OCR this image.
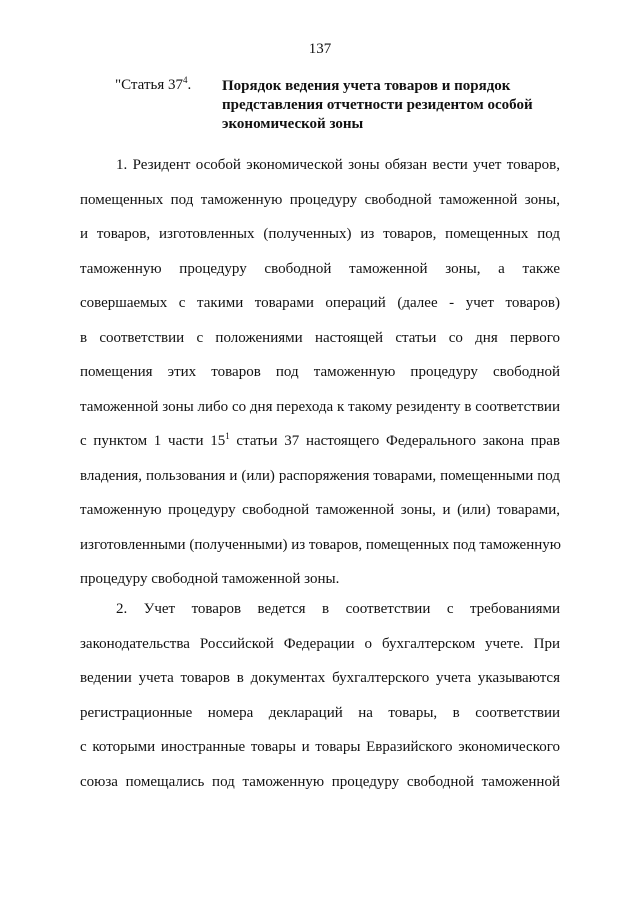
137
"Статья $37^4$. Порядок ведения учета товаров и порядок
представления отчетности резидентом особой
экономической зоны
1. Резидент особой экономической зоны обязан вести учет товаров,
помещенных под таможенную процедуру свободной таможенной зоны,
и товаров, изготовленных (полученных) из товаров, помещенных под
таможенную процедуру свободной таможенной зоны, а также
совершаемых с такими товарами операций (далее - учет товаров)
в соответствии с положениями настоящей статьи со дня первого
помещения этих товаров под таможенную процедуру свободной
таможенной зоны либо со дня перехода к такому резиденту в соответствии
с пунктом 1 части $15^1$ статьи 37 настоящего Федерального закона прав
владения, пользования и (или) распоряжения товарами, помещенными под
таможенную процедуру свободной таможенной зоны, и (или) товарами,
изготовленными (полученными) из товаров, помещенных под таможенную
процедуру свободной таможенной зоны.
2. Учет товаров ведется в соответствии с требованиями
законодательства Российской Федерации о бухгалтерском учете. При
ведении учета товаров в документах бухгалтерского учета указываются
регистрационные номера деклараций на товары, в соответствии
с которыми иностранные товары и товары Евразийского экономического
союза помещались под таможенную процедуру свободной таможенной
